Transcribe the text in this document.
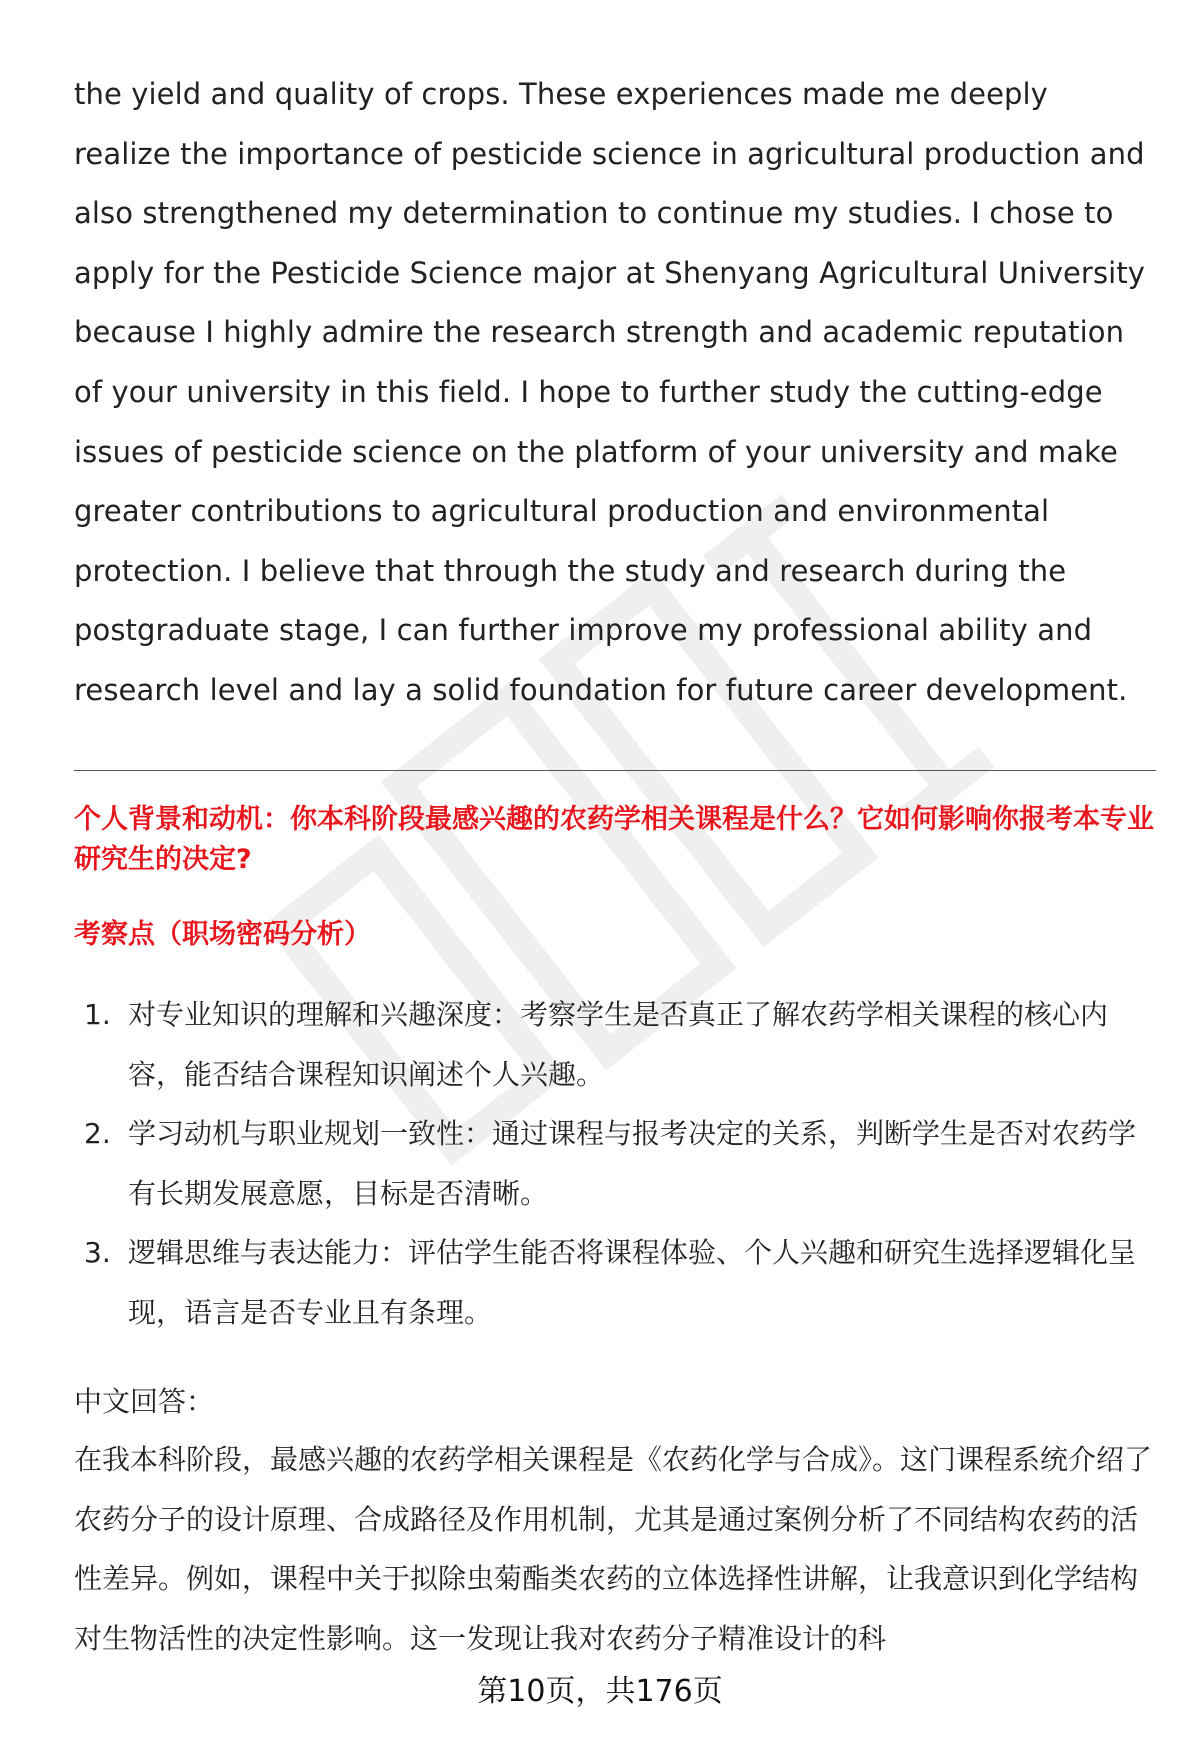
the yield and quality of crops. These experiences made me deeply realize the importance of pesticide science in agricultural production and also strengthened my determination to continue my studies. I chose to apply for the Pesticide Science major at Shenyang Agricultural University because I highly admire the research strength and academic reputation of your university in this field. I hope to further study the cutting-edge issues of pesticide science on the platform of your university and make greater contributions to agricultural production and environmental protection. I believe that through the study and research during the postgraduate stage, I can further improve my professional ability and research level and lay a solid foundation for future career development.

个人背景和动机：你本科阶段最感兴趣的农药学相关课程是什么？它如何影响你报考本专业研究生的决定?

考察点（职场密码分析）

1. 对专业知识的理解和兴趣深度：考察学生是否真正了解农药学相关课程的核心内容，能否结合课程知识阐述个人兴趣。
2. 学习动机与职业规划一致性：通过课程与报考决定的关系，判断学生是否对农药学有长期发展意愿，目标是否清晰。
3. 逻辑思维与表达能力：评估学生能否将课程体验、个人兴趣和研究生选择逻辑化呈现，语言是否专业且有条理。

中文回答：

在我本科阶段，最感兴趣的农药学相关课程是《农药化学与合成》。这门课程系统介绍了农药分子的设计原理、合成路径及作用机制，尤其是通过案例分析了不同结构农药的活性差异。例如，课程中关于拟除虫菊酯类农药的立体选择性讲解，让我意识到化学结构对生物活性的决定性影响。这一发现让我对农药分子精准设计的科

第10页，共176页
